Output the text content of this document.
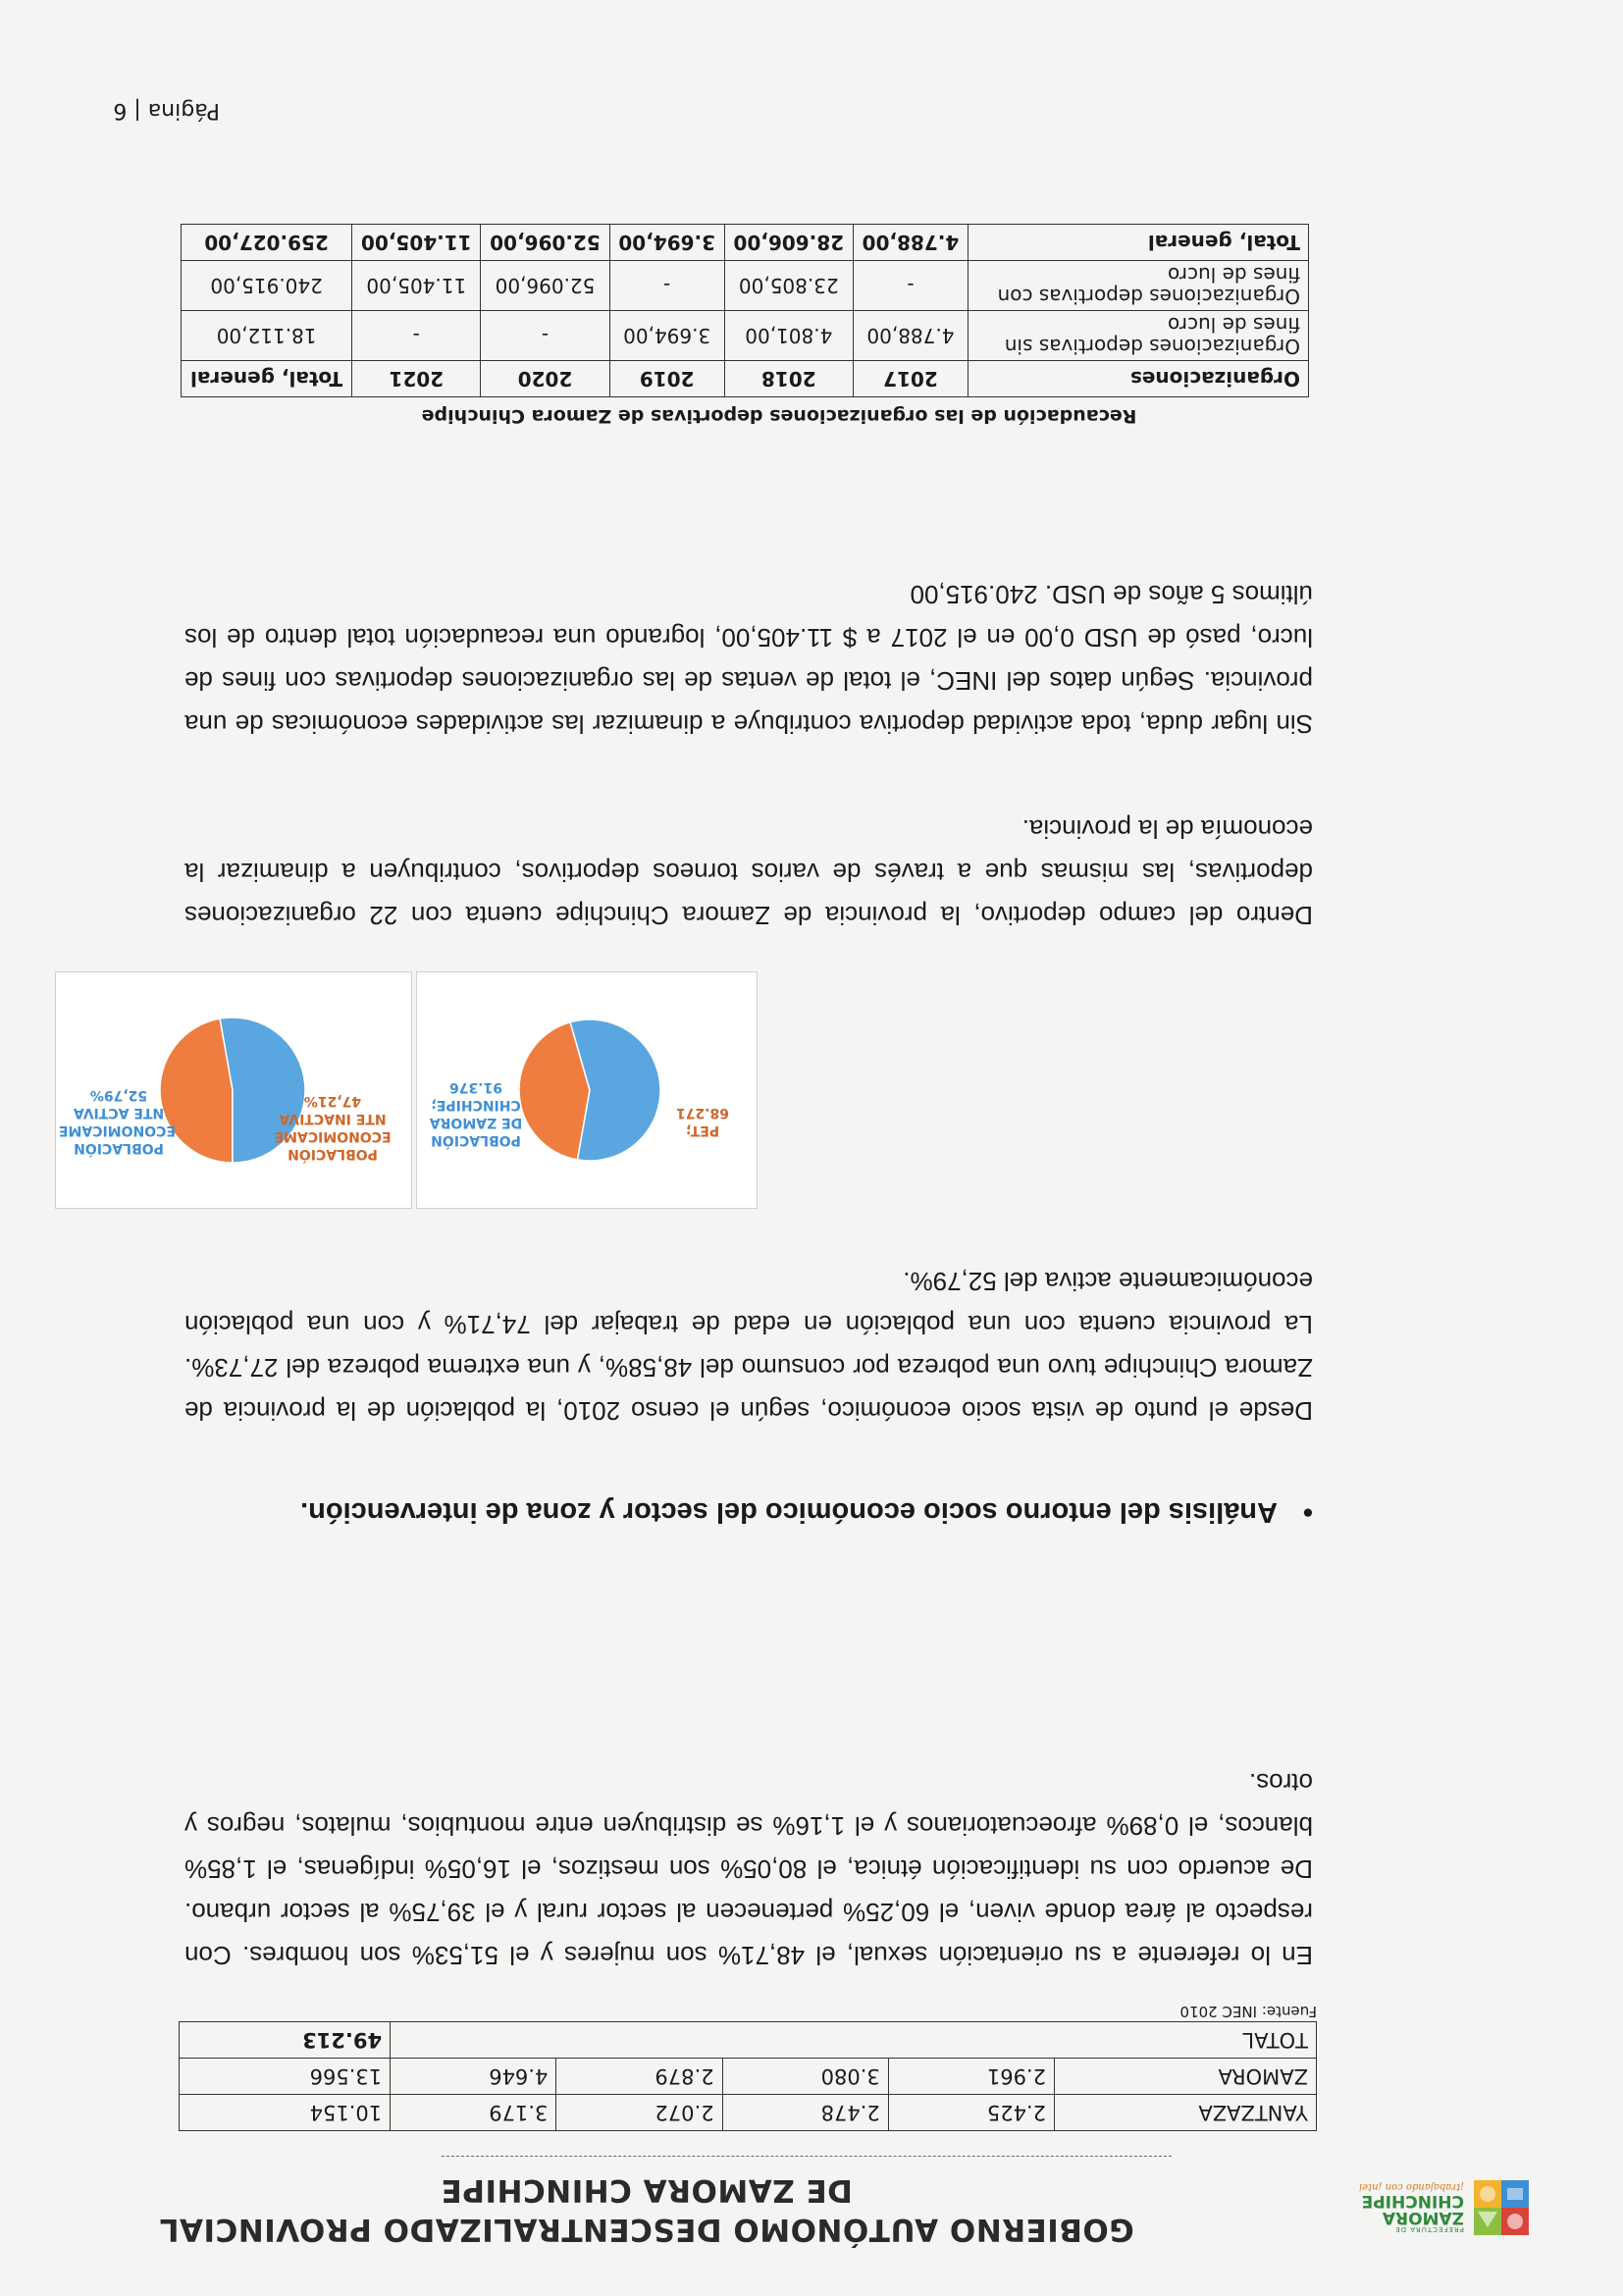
PREFECTURA DE
ZAMORA
CHINCHIPE
¡trabajando con ¡ntei
GOBIERNO AUTÓNOMO DESCENTRALIZADO PROVINCIAL
DE ZAMORA CHINCHIPE
YANTZAZA	2.425	2.478	2.072	3.179	10.154
ZAMORA	2.961	3.080	2.879	4.646	13.566
TOTAL					49.213
Fuente: INEC 2010
En lo referente a su orientación sexual, el 48,71% son mujeres y el 51,53% son hombres. Con respecto al área donde viven, el 60,25% pertenecen al sector rural y el 39,75% al sector urbano. De acuerdo con su identificación étnica, el 80,05% son mestizos, el 16,05% indígenas, el 1,85% blancos, el 0,89% afroecuatorianos y el 1,16% se distribuyen entre montubios, mulatos, negros y otros.
•Análisis del entorno socio económico del sector y zona de intervención.
Desde el punto de vista socio económico, según el censo 2010, la población de la provincia de Zamora Chinchipe tuvo una pobreza por consumo del 48,58%, y una extrema pobreza del 27,73%. La provincia cuenta con una población en edad de trabajar del 74,71% y con una población económicamente activa del 52,79%.
PET;
68.271
POBLACIÓN DE ZAMORA CHINCHIPE;
91.376
POBLACIÓN ECONOMICAME NTE INACTIVA
47,21%
POBLACIÓN ECONOMICAME NTE ACTIVA
52,79%
Dentro del campo deportivo, la provincia de Zamora Chinchipe cuenta con 22 organizaciones deportivas, las mismas que a través de varios torneos deportivos, contribuyen a dinamizar la economía de la provincia.
Sin lugar duda, toda actividad deportiva contribuye a dinamizar las actividades económicas de una provincia. Según datos del INEC, el total de ventas de las organizaciones deportivas con fines de lucro, pasó de USD 0,00 en el 2017 a $ 11.405,00, logrando una recaudación total dentro de los últimos 5 años de USD. 240.915,00
Recaudación de las organizaciones deportivas de Zamora Chinchipe
Organizaciones	2017	2018	2019	2020	2021	Total, general
Organizaciones deportivas sin fines de lucro	4.788,00	4.801,00	3.694,00	-	-	18.112,00
Organizaciones deportivas con fines de lucro	-	23.805,00	-	52.096,00	11.405,00	240.915,00
Total, general	4.788,00	28.606,00	3.694,00	52.096,00	11.405,00	259.027,00
Página | 6
